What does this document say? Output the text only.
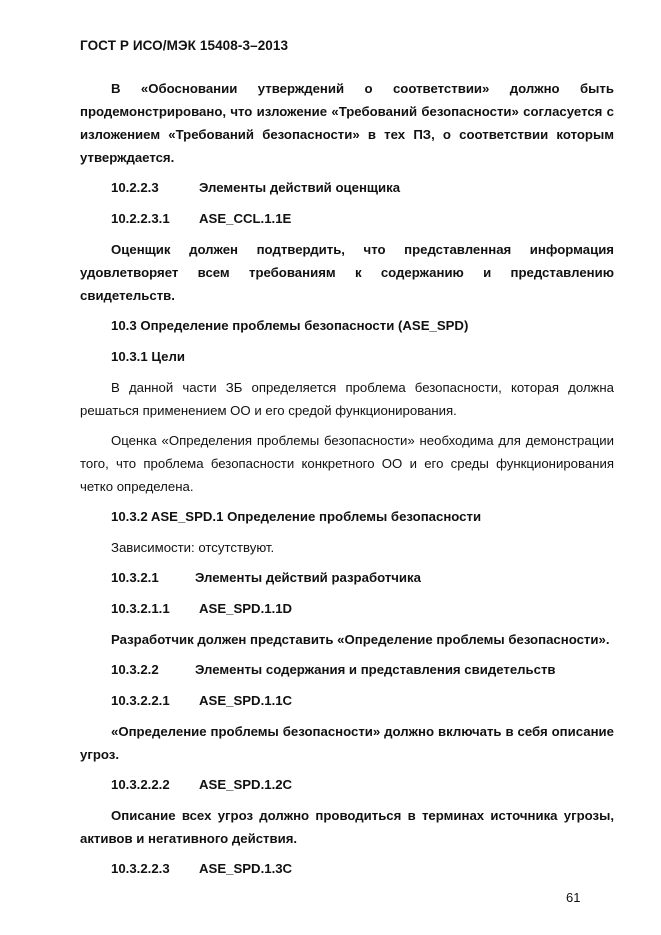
ГОСТ Р ИСО/МЭК 15408-3–2013

В «Обосновании утверждений о соответствии» должно быть продемонстрировано, что изложение «Требований безопасности» согласуется с изложением «Требований безопасности» в тех ПЗ, о соответствии которым утверждается.

10.2.2.3	Элементы действий оценщика
10.2.2.3.1	ASE_CCL.1.1E

Оценщик должен подтвердить, что представленная информация удовлетворяет всем требованиям к содержанию и представлению свидетельств.

10.3 Определение проблемы безопасности (ASE_SPD)
10.3.1 Цели

В данной части ЗБ определяется проблема безопасности, которая должна решаться применением ОО и его средой функционирования.

Оценка «Определения проблемы безопасности» необходима для демонстрации того, что проблема безопасности конкретного ОО и его среды функционирования четко определена.

10.3.2 ASE_SPD.1 Определение проблемы безопасности

Зависимости: отсутствуют.

10.3.2.1	Элементы действий разработчика
10.3.2.1.1	ASE_SPD.1.1D

Разработчик должен представить «Определение проблемы безопасности».

10.3.2.2	Элементы содержания и представления свидетельств
10.3.2.2.1	ASE_SPD.1.1C

«Определение проблемы безопасности» должно включать в себя описание угроз.

10.3.2.2.2	ASE_SPD.1.2C

Описание всех угроз должно проводиться в терминах источника угрозы, активов и негативного действия.

10.3.2.2.3	ASE_SPD.1.3C
61
